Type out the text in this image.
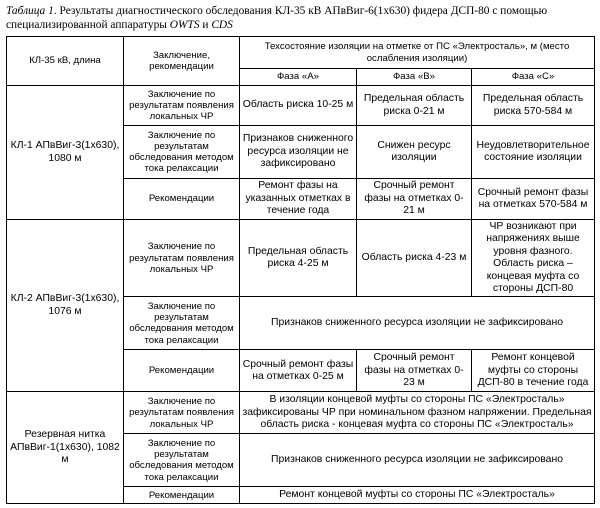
Таблица 1. Результаты диагностического обследования КЛ-35 кВ АПвВиг-6(1х630) фидера ДСП-80 с помощью специализированной аппаратуры OWTS и CDS
КЛ-35 кВ, длина	Заключение, рекомендации	Техсостояние изоляции на отметке от ПС «Электросталь», м (место ослабления изоляции)		
		Фаза «А»	Фаза «В»	Фаза «С»
КЛ-1 АПвВиг-3(1х630), 1080 м	Заключение по результатам появления локальных ЧР	Область риска 10-25 м	Предельная область риска 0-21 м	Предельная область риска 570-584 м
	Заключение по результатам обследования методом тока релаксации	Признаков сниженного ресурса изоляции не зафиксировано	Снижен ресурс изоляции	Неудовлетворительное состояние изоляции
	Рекомендации	Ремонт фазы на указанных отметках в течение года	Срочный ремонт фазы на отметках 0-21 м	Срочный ремонт фазы на отметках 570-584 м
КЛ-2 АПвВиг-3(1х630), 1076 м	Заключение по результатам появления локальных ЧР	Предельная область риска 4-25 м	Область риска 4-23 м	ЧР возникают при напряжениях выше уровня фазного. Область риска – концевая муфта со стороны ДСП-80
	Заключение по результатам обследования методом тока релаксации	Признаков сниженного ресурса изоляции не зафиксировано		
	Рекомендации	Срочный ремонт фазы на отметках 0-25 м	Срочный ремонт фазы на отметках 0-23 м	Ремонт концевой муфты со стороны ДСП-80 в течение года
Резервная нитка АПвВиг-1(1х630), 1082 м	Заключение по результатам появления локальных ЧР	В изоляции концевой муфты со стороны ПС «Электросталь» зафиксированы ЧР при номинальном фазном напряжении. Предельная область риска - концевая муфта со стороны ПС «Электросталь»		
	Заключение по результатам обследования методом тока релаксации	Признаков сниженного ресурса изоляции не зафиксировано		
	Рекомендации	Ремонт концевой муфты со стороны ПС «Электросталь»		
